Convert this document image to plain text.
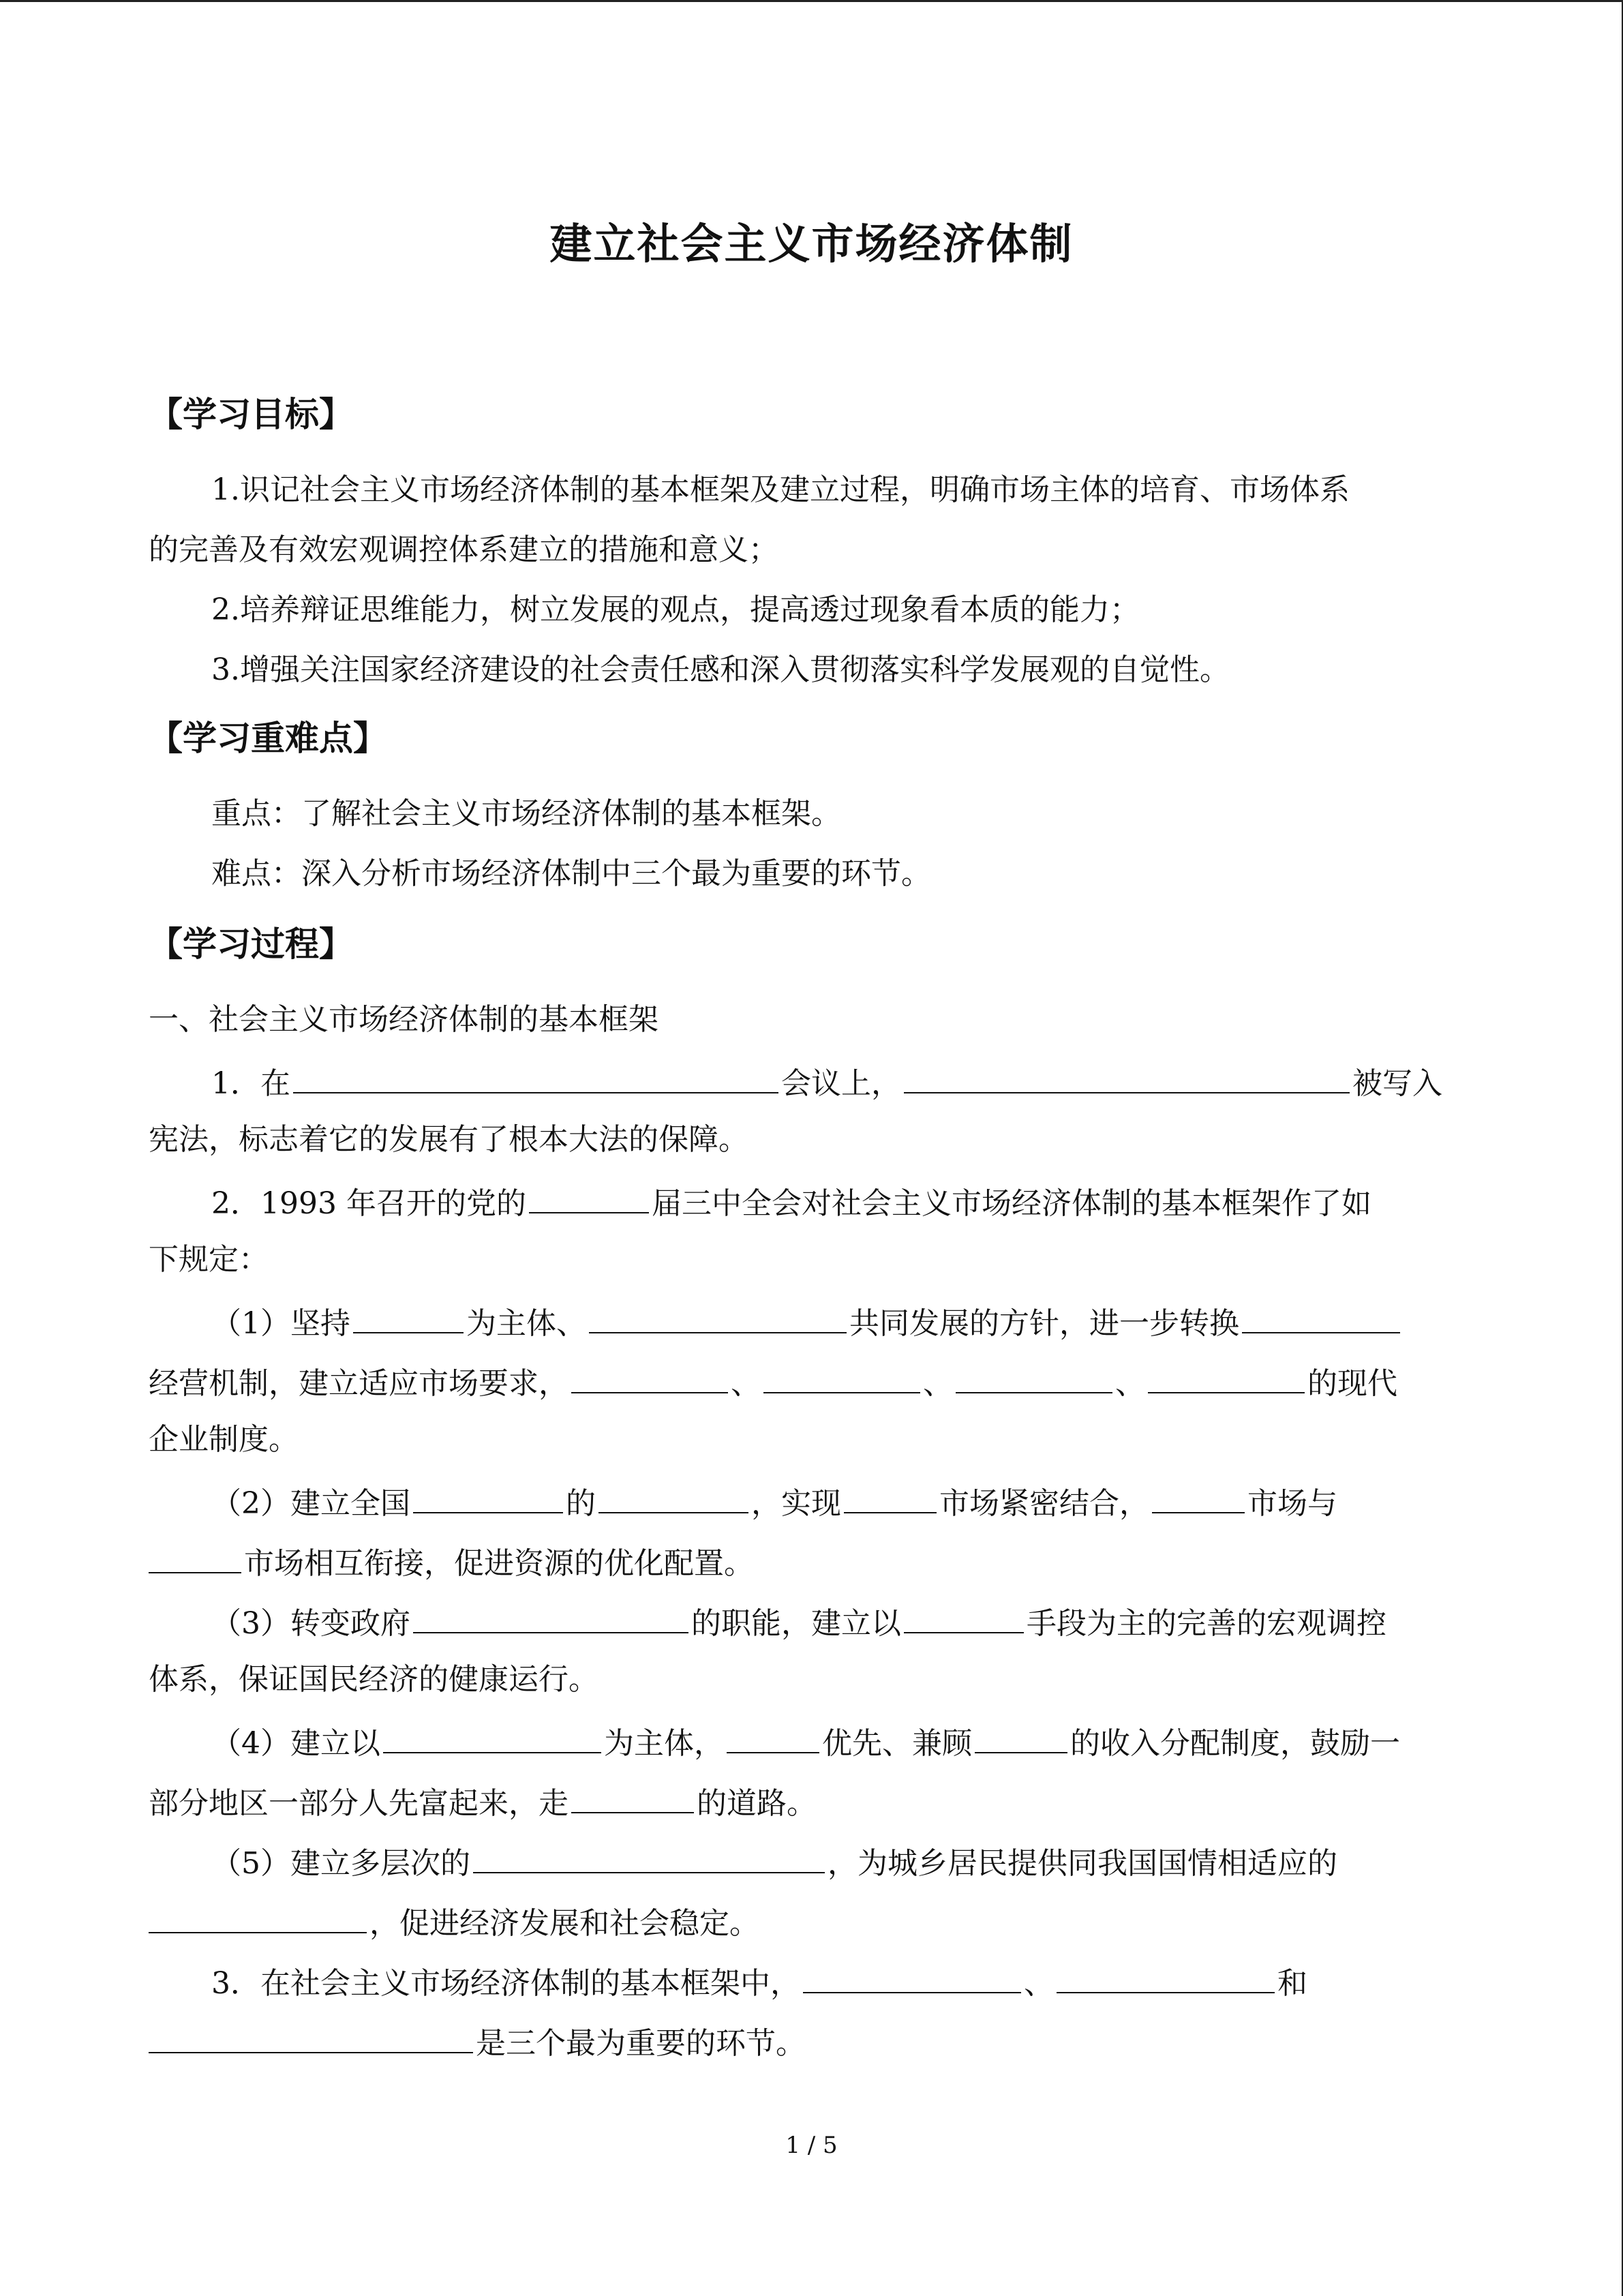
建立社会主义市场经济体制
【学习目标】
1.识记社会主义市场经济体制的基本框架及建立过程，明确市场主体的培育、市场体系
的完善及有效宏观调控体系建立的措施和意义；
2.培养辩证思维能力，树立发展的观点，提高透过现象看本质的能力；
3.增强关注国家经济建设的社会责任感和深入贯彻落实科学发展观的自觉性。
【学习重难点】
重点：了解社会主义市场经济体制的基本框架。
难点：深入分析市场经济体制中三个最为重要的环节。
【学习过程】
一、社会主义市场经济体制的基本框架
1．在	会议上，	被写入
宪法，标志着它的发展有了根本大法的保障。
2．1993 年召开的党的	届三中全会对社会主义市场经济体制的基本框架作了如
下规定：
（1）坚持	为主体、	共同发展的方针，进一步转换
经营机制，建立适应市场要求，	、	、	、	的现代
企业制度。
（2）建立全国	的	，实现	市场紧密结合，	市场与
市场相互衔接，促进资源的优化配置。
（3）转变政府	的职能，建立以	手段为主的完善的宏观调控
体系，保证国民经济的健康运行。
（4）建立以	为主体，	优先、兼顾	的收入分配制度，鼓励一
部分地区一部分人先富起来，走	的道路。
（5）建立多层次的	，为城乡居民提供同我国国情相适应的
，促进经济发展和社会稳定。
3．在社会主义市场经济体制的基本框架中，	、	和
是三个最为重要的环节。
1 / 5
